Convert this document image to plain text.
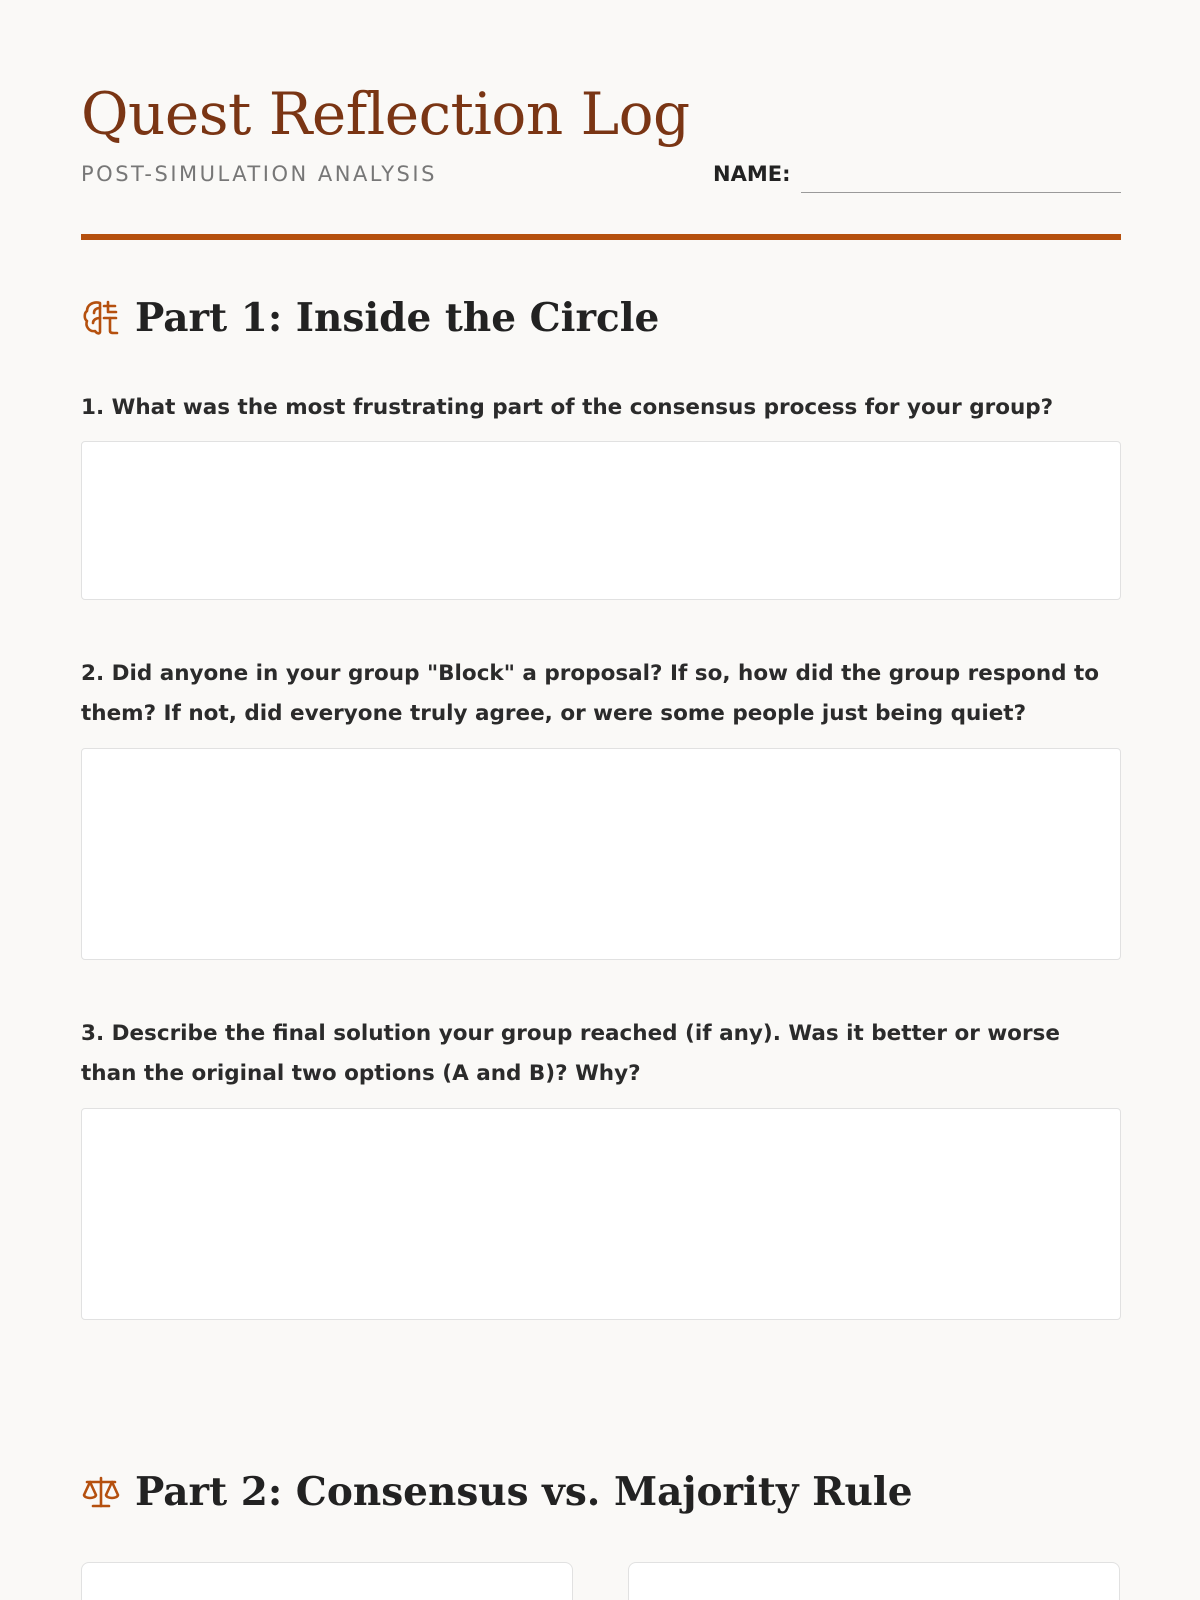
Quest Reflection Log
POST-SIMULATION ANALYSIS	NAME:
Part 1: Inside the Circle

1. What was the most frustrating part of the consensus process for your group?

2. Did anyone in your group "Block" a proposal? If so, how did the group respond to them? If not, did everyone truly agree, or were some people just being quiet?

3. Describe the final solution your group reached (if any). Was it better or worse than the original two options (A and B)? Why?

Part 2: Consensus vs. Majority Rule
